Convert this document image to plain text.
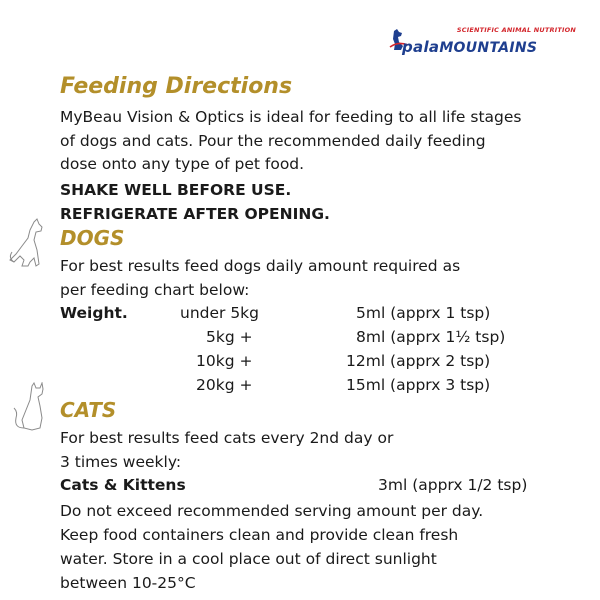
SCIENTIFIC ANIMAL NUTRITION
palaMOUNTAINS
Feeding Directions
MyBeau Vision & Optics is ideal for feeding to all life stages
of dogs and cats. Pour the recommended daily feeding
dose onto any type of pet food.
SHAKE WELL BEFORE USE.
REFRIGERATE AFTER OPENING.
DOGS
For best results feed dogs daily amount required as
per feeding chart below:
Weight.	under 5kg	5ml (apprx 1 tsp)
5kg +	8ml (apprx 1½ tsp)
10kg +	12ml (apprx 2 tsp)
20kg +	15ml (apprx 3 tsp)
CATS
For best results feed cats every 2nd day or
3 times weekly:
Cats & Kittens	3ml (apprx 1/2 tsp)
Do not exceed recommended serving amount per day.
Keep food containers clean and provide clean fresh
water. Store in a cool place out of direct sunlight
between 10-25°C
